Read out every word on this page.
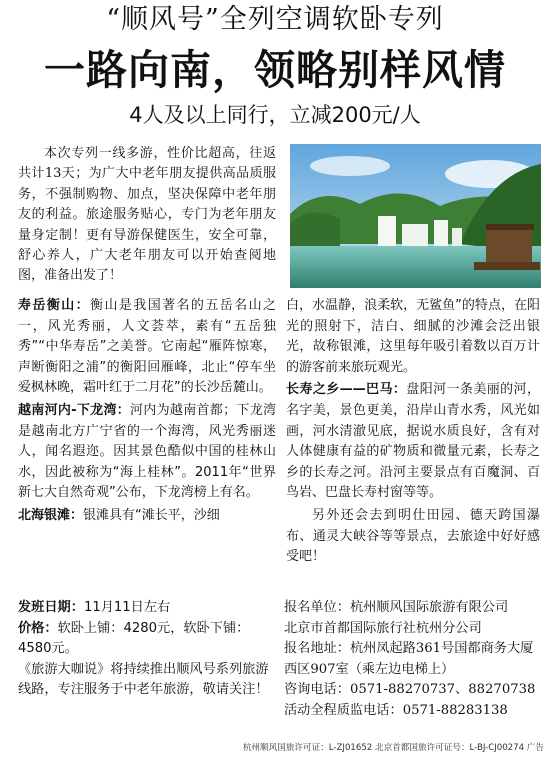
“顺风号”全列空调软卧专列
一路向南，领略别样风情
4人及以上同行，立减200元/人
本次专列一线多游，性价比超高，往返共计13天；为广大中老年朋友提供高品质服务，不强制购物、加点，坚决保障中老年朋友的利益。旅途服务贴心，专门为老年朋友量身定制！更有导游保健医生，安全可靠，舒心养人，广大老年朋友可以开始查阅地图，准备出发了！

寿岳衡山：衡山是我国著名的五岳名山之一，风光秀丽，人文荟萃，素有“五岳独秀”“中华寿岳”之美誉。它南起“雁阵惊寒，声断衡阳之浦”的衡阳回雁峰，北止“停车坐爱枫林晚，霜叶红于二月花”的长沙岳麓山。

越南河内-下龙湾：河内为越南首都；下龙湾是越南北方广宁省的一个海湾，风光秀丽迷人，闻名遐迩。因其景色酷似中国的桂林山水，因此被称为“海上桂林”。2011年“世界新七大自然奇观”公布，下龙湾榜上有名。

北海银滩：银滩具有“滩长平，沙细

白，水温静，浪柔软，无鲨鱼”的特点，在阳光的照射下，洁白、细腻的沙滩会泛出银光，故称银滩，这里每年吸引着数以百万计的游客前来旅玩观光。

长寿之乡——巴马：盘阳河一条美丽的河，名字美，景色更美，沿岸山青水秀，风光如画，河水清澈见底，据说水质良好，含有对人体健康有益的矿物质和微量元素，长寿之乡的长寿之河。沿河主要景点有百魔洞、百鸟岩、巴盘长寿村窗等等。

另外还会去到明仕田园、德天跨国瀑布、通灵大峡谷等等景点，去旅途中好好感受吧！

发班日期：11月11日左右

价格：软卧上铺：4280元，软卧下铺：4580元。

《旅游大咖说》将持续推出顺风号系列旅游线路，专注服务于中老年旅游，敬请关注！

报名单位：杭州顺风国际旅游有限公司

北京市首都国际旅行社杭州分公司

报名地址：杭州凤起路361号国都商务大厦西区907室（乘左边电梯上）

咨询电话：0571-88270737、88270738

活动全程质监电话：0571-88283138

杭州顺风国旅许可证：L-ZJ01652 北京首都国旅许可证号：L-BJ-CJ00274 广告
